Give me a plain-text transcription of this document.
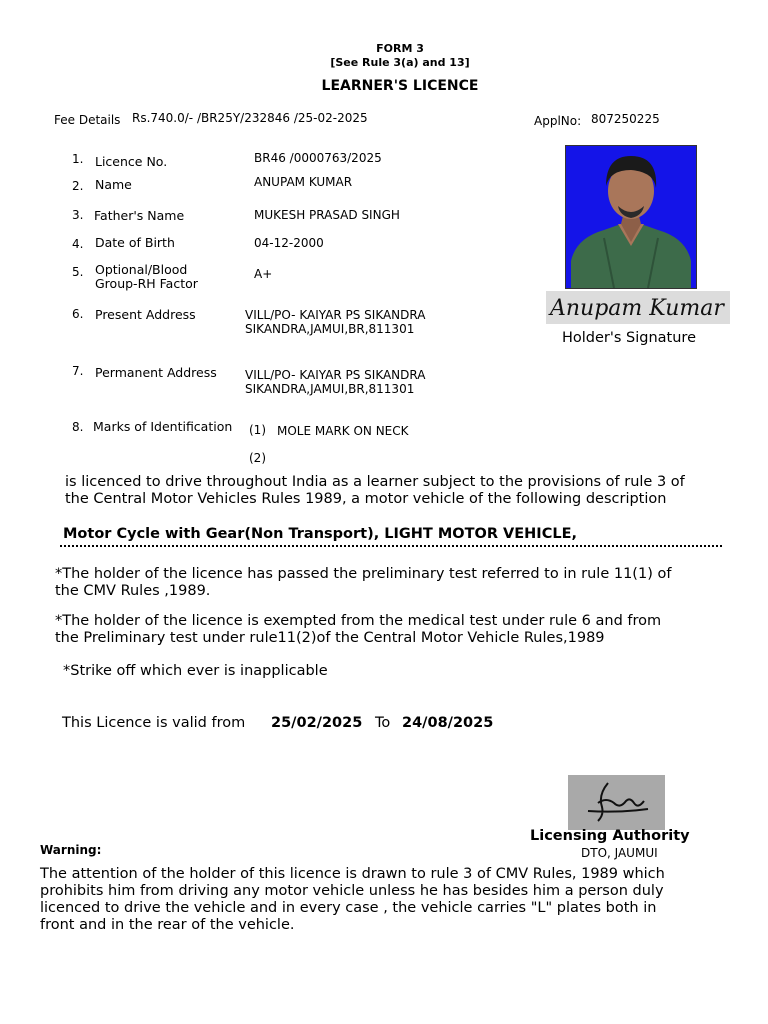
FORM 3
[See Rule 3(a) and 13]
LEARNER'S LICENCE
Fee Details Rs.740.0/- /BR25Y/232846 /25-02-2025	ApplNo: 807250225
1. Licence No.	BR46 /0000763/2025
2. Name	ANUPAM KUMAR
3. Father's Name	MUKESH PRASAD SINGH
4. Date of Birth	04-12-2000
5. Optional/Blood
Group-RH Factor
A+
6. Present Address	VILL/PO- KAIYAR PS SIKANDRA
SIKANDRA,JAMUI,BR,811301
7. Permanent Address VILL/PO- KAIYAR PS SIKANDRA
SIKANDRA,JAMUI,BR,811301
8. Marks of Identification (1) MOLE MARK ON NECK
(2)
Anupam Kumar
Holder's Signature
is licenced to drive throughout India as a learner subject to the provisions of rule 3 of
the Central Motor Vehicles Rules 1989, a motor vehicle of the following description
Motor Cycle with Gear(Non Transport), LIGHT MOTOR VEHICLE,
*The holder of the licence has passed the preliminary test referred to in rule 11(1) of
the CMV Rules ,1989.
*The holder of the licence is exempted from the medical test under rule 6 and from
the Preliminary test under rule11(2)of the Central Motor Vehicle Rules,1989
*Strike off which ever is inapplicable
This Licence is valid from 25/02/2025 To 24/08/2025
Licensing Authority
DTO, JAUMUI
Warning:
The attention of the holder of this licence is drawn to rule 3 of CMV Rules, 1989 which
prohibits him from driving any motor vehicle unless he has besides him a person duly
licenced to drive the vehicle and in every case , the vehicle carries "L" plates both in
front and in the rear of the vehicle.
